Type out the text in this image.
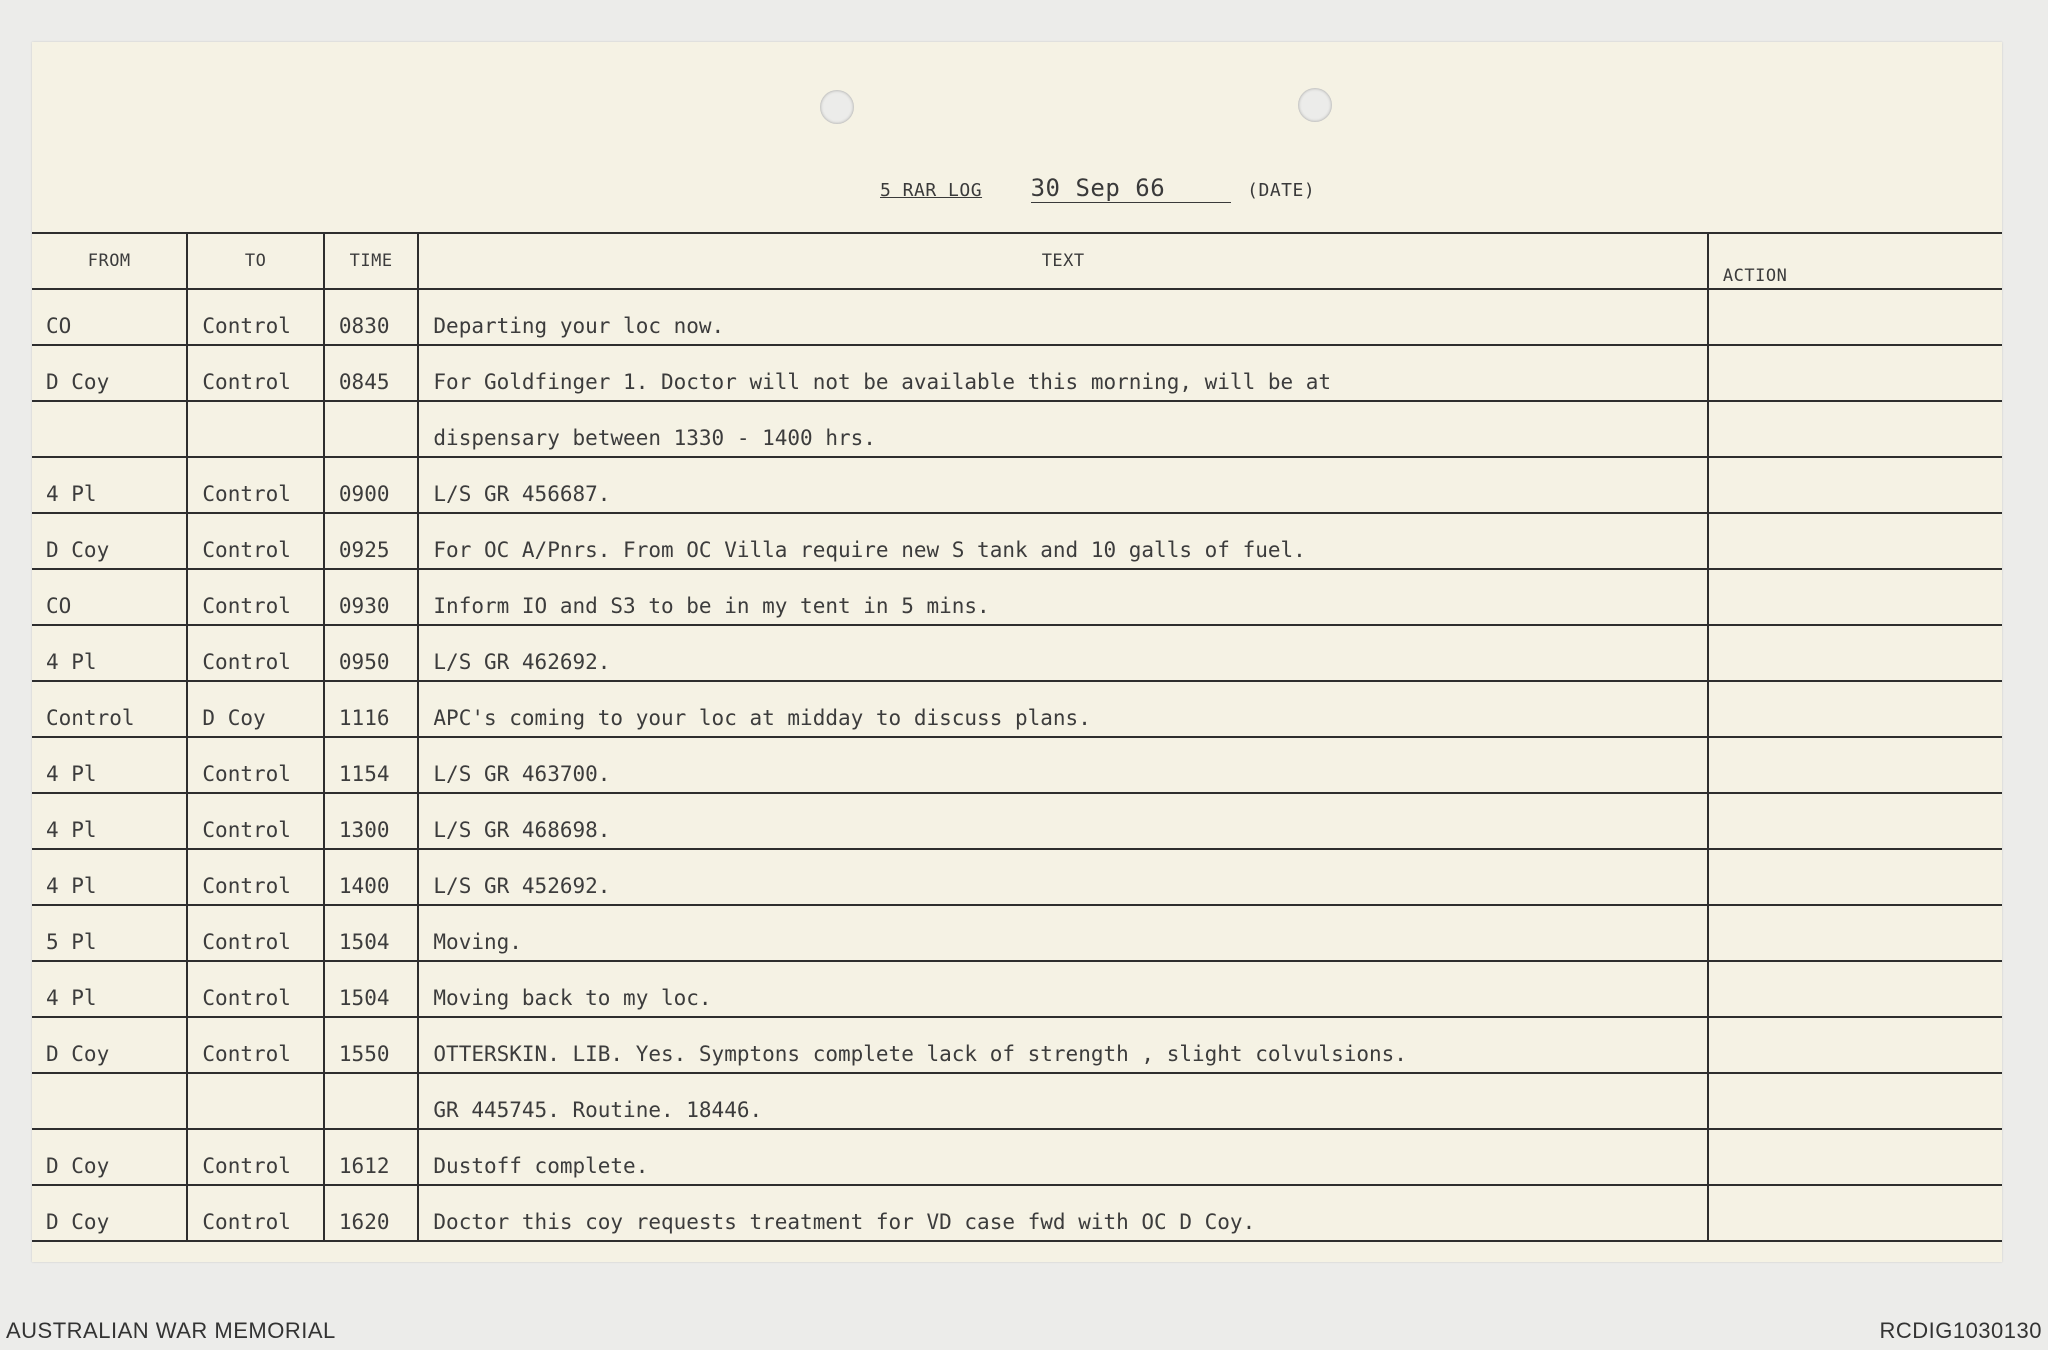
5 RAR LOG 30 Sep 66	(DATE)
FROM	TO	TIME	TEXT	ACTION
CO	Control	0830	Departing your loc now.	
D Coy	Control	0845	For Goldfinger 1. Doctor will not be available this morning, will be at	
			dispensary between 1330 - 1400 hrs.	
4 Pl	Control	0900	L/S GR 456687.	
D Coy	Control	0925	For OC A/Pnrs. From OC Villa require new S tank and 10 galls of fuel.	
CO	Control	0930	Inform IO and S3 to be in my tent in 5 mins.	
4 Pl	Control	0950	L/S GR 462692.	
Control	D Coy	1116	APC's coming to your loc at midday to discuss plans.	
4 Pl	Control	1154	L/S GR 463700.	
4 Pl	Control	1300	L/S GR 468698.	
4 Pl	Control	1400	L/S GR 452692.	
5 Pl	Control	1504	Moving.	
4 Pl	Control	1504	Moving back to my loc.	
D Coy	Control	1550	OTTERSKIN. LIB. Yes. Symptons complete lack of strength , slight colvulsions.	
			GR 445745. Routine. 18446.	
D Coy	Control	1612	Dustoff complete.	
D Coy	Control	1620	Doctor this coy requests treatment for VD case fwd with OC D Coy.	
AUSTRALIAN WAR MEMORIAL	RCDIG1030130
